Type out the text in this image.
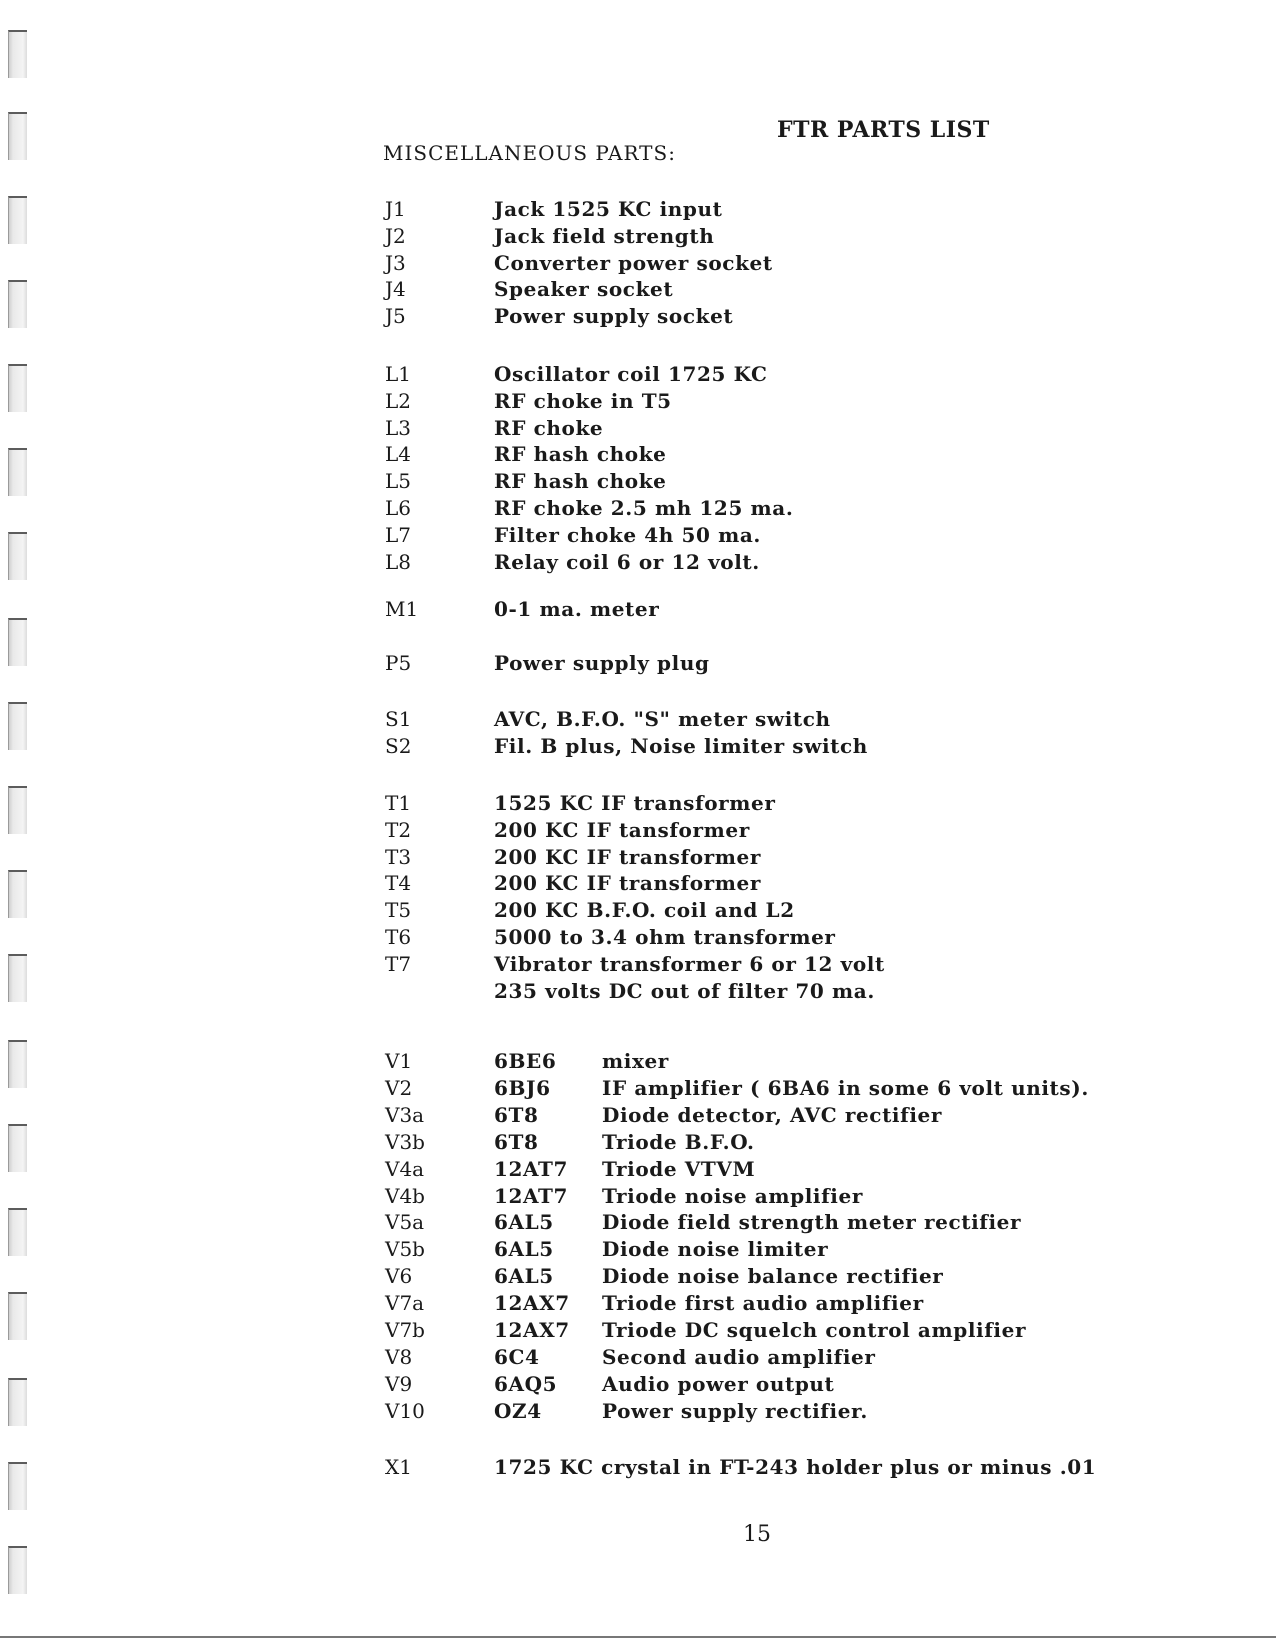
FTR PARTS LIST
MISCELLANEOUS PARTS:
J1	Jack 1525 KC input
J2	Jack field strength
J3	Converter power socket
J4	Speaker socket
J5	Power supply socket
L1	Oscillator coil 1725 KC
L2	RF choke in T5
L3	RF choke
L4	RF hash choke
L5	RF hash choke
L6	RF choke 2.5 mh 125 ma.
L7	Filter choke 4h 50 ma.
L8	Relay coil 6 or 12 volt.
M1	0-1 ma. meter
P5	Power supply plug
S1	AVC, B.F.O. "S" meter switch
S2	Fil. B plus, Noise limiter switch
T1	1525 KC IF transformer
T2	200 KC IF tansformer
T3	200 KC IF transformer
T4	200 KC IF transformer
T5	200 KC B.F.O. coil and L2
T6	5000 to 3.4 ohm transformer
T7	Vibrator transformer 6 or 12 volt
235 volts DC out of filter 70 ma.
V1	6BE6 mixer
V2	6BJ6	IF amplifier ( 6BA6 in some 6 volt units).
V3a	6T8	Diode detector, AVC rectifier
V3b	6T8	Triode B.F.O.
V4a	12AT7 Triode VTVM
V4b	12AT7 Triode noise amplifier
V5a	6AL5 Diode field strength meter rectifier
V5b	6AL5 Diode noise limiter
V6	6AL5 Diode noise balance rectifier
V7a	12AX7 Triode first audio amplifier
V7b	12AX7 Triode DC squelch control amplifier
V8	6C4	Second audio amplifier
V9	6AQ5 Audio power output
V10	OZ4	Power supply rectifier.
X1	1725 KC crystal in FT-243 holder plus or minus .01

15
